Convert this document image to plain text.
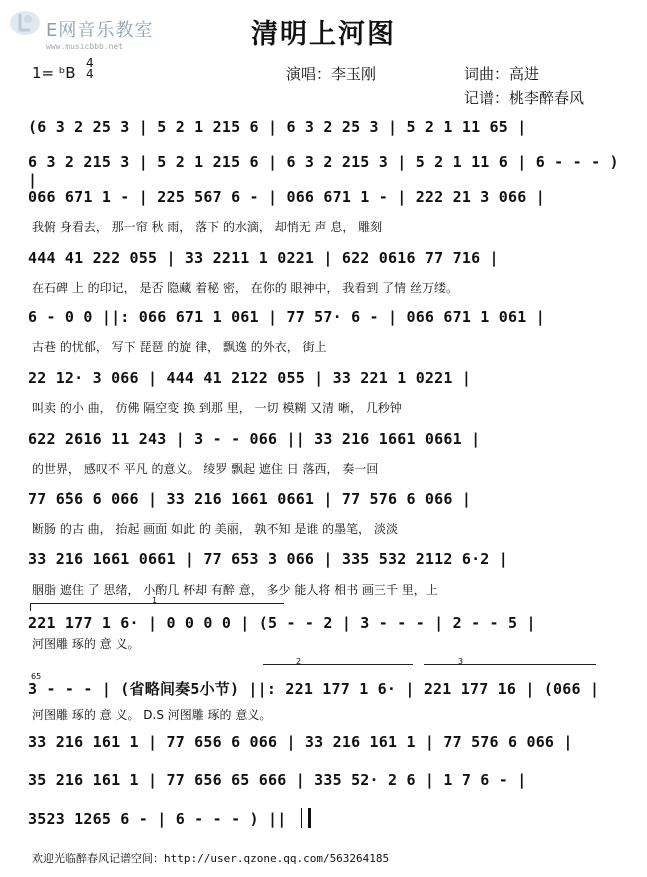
E网音乐教室
www.musicbbb.net	清明上河图
1= ᵇB
4
4	演唱：李玉刚	词曲：高进
记谱：桃李醉春风
(6 3 2 25 3 | 5 2 1 215 6 | 6 3 2 25 3 | 5 2 1 11 65 |
6 3 2 215 3 | 5 2 1 215 6 | 6 3 2 215 3 | 5 2 1 11 6 | 6 - - - ) |
066 671 1 - | 225 567 6 - | 066 671 1 - | 222 21 3 066 |
我俯 身看去， 那一帘 秋 雨， 落下 的水滴， 却悄无 声 息， 雕刻
444 41 222 055 | 33 2211 1 0221 | 622 0616 77 716 |
在石碑 上 的印记， 是否 隐藏 着秘 密， 在你的 眼神中， 我看到 了情 丝万缕。
6 - 0 0 ||: 066 671 1 061 | 77 57· 6 - | 066 671 1 061 |
古巷 的忧郁， 写下 琵琶 的旋 律， 飘逸 的外衣， 街上
22 12· 3 066 | 444 41 2122 055 | 33 221 1 0221 |
叫卖 的小 曲， 仿佛 隔空变 换 到那 里， 一切 模糊 又清 晰， 几秒钟
622 2616 11 243 | 3 - - 066 || 33 216 1661 0661 |
的世界， 感叹不 平凡 的意义。 绫罗 飘起 遮住 日 落西， 奏一回
77 6̇56 6 066 | 33 216 1661 0661 | 77 576 6 066 |
断肠 的古 曲， 抬起 画面 如此 的 美丽， 孰不知 是谁 的墨笔， 淡淡
33 216 1661 0661 | 77 653 3 066 | 335 532 2112 6·2 |
胭脂 遮住 了 思绪， 小酌几 杯却 有醉 意， 多少 能人将 相书 画三千 里，上
1
221 177 1 6· | 0 0 0 0 | (5 - - 2 | 3 - - - | 2 - - 5 |
河图雕 琢的 意 义。
65
2	3
3 - - - | (省略间奏5小节) ||: 221 177 1 6· | 221 177 16 | (066 |
河图雕 琢的 意 义。 D.S 河图雕 琢的 意义。
33 216 161 1 | 77 656 6 066 | 33 216 161 1 | 77 576 6 066 |
35 216 161 1 | 77 656 65 666 | 335 52· 2 6 | 1 7 6 - |
3523 1265 6 - | 6 - - - ) ||
欢迎光临醉春风记谱空间：http://user.qzone.qq.com/563264185
